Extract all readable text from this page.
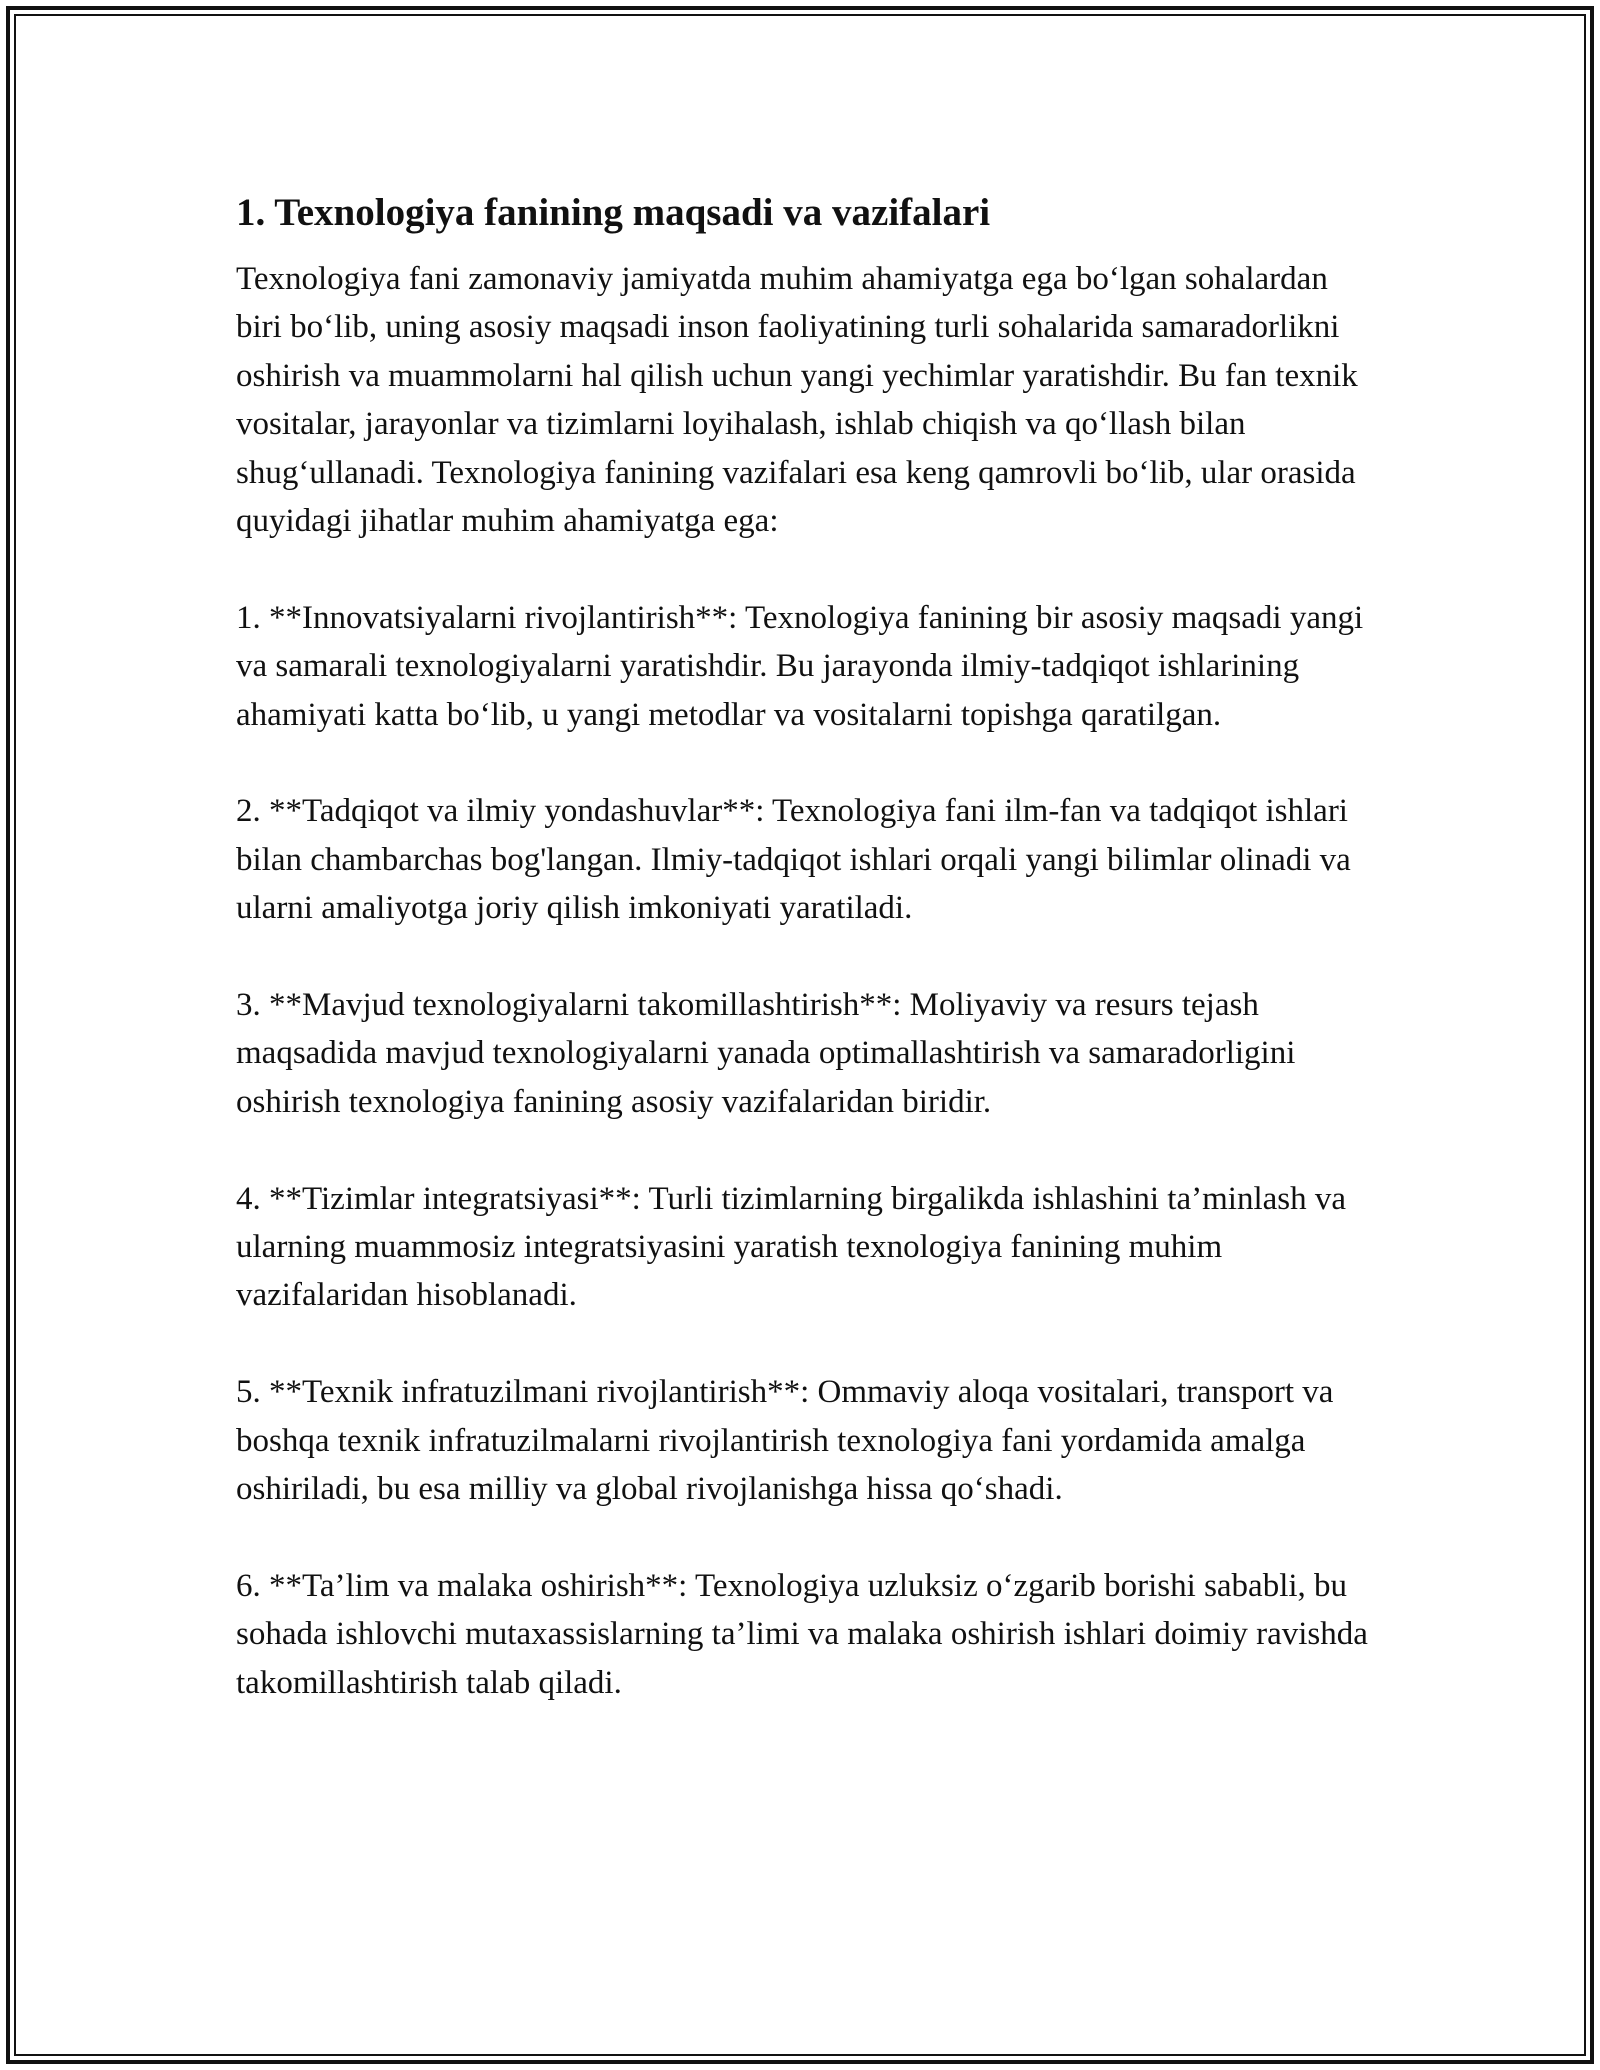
1. Texnologiya fanining maqsadi va vazifalari
Texnologiya fani zamonaviy jamiyatda muhim ahamiyatga ega bo‘lgan sohalardan biri bo‘lib, uning asosiy maqsadi inson faoliyatining turli sohalarida samaradorlikni oshirish va muammolarni hal qilish uchun yangi yechimlar yaratishdir. Bu fan texnik vositalar, jarayonlar va tizimlarni loyihalash, ishlab chiqish va qo‘llash bilan shug‘ullanadi. Texnologiya fanining vazifalari esa keng qamrovli bo‘lib, ular orasida quyidagi jihatlar muhim ahamiyatga ega:
1. **Innovatsiyalarni rivojlantirish**: Texnologiya fanining bir asosiy maqsadi yangi va samarali texnologiyalarni yaratishdir. Bu jarayonda ilmiy-tadqiqot ishlarining ahamiyati katta bo‘lib, u yangi metodlar va vositalarni topishga qaratilgan.
2. **Tadqiqot va ilmiy yondashuvlar**: Texnologiya fani ilm-fan va tadqiqot ishlari bilan chambarchas bog'langan. Ilmiy-tadqiqot ishlari orqali yangi bilimlar olinadi va ularni amaliyotga joriy qilish imkoniyati yaratiladi.
3. **Mavjud texnologiyalarni takomillashtirish**: Moliyaviy va resurs tejash maqsadida mavjud texnologiyalarni yanada optimallashtirish va samaradorligini oshirish texnologiya fanining asosiy vazifalaridan biridir.
4. **Tizimlar integratsiyasi**: Turli tizimlarning birgalikda ishlashini ta’minlash va ularning muammosiz integratsiyasini yaratish texnologiya fanining muhim vazifalaridan hisoblanadi.
5. **Texnik infratuzilmani rivojlantirish**: Ommaviy aloqa vositalari, transport va boshqa texnik infratuzilmalarni rivojlantirish texnologiya fani yordamida amalga oshiriladi, bu esa milliy va global rivojlanishga hissa qo‘shadi.
6. **Ta’lim va malaka oshirish**: Texnologiya uzluksiz o‘zgarib borishi sababli, bu sohada ishlovchi mutaxassislarning ta’limi va malaka oshirish ishlari doimiy ravishda takomillashtirish talab qiladi.
